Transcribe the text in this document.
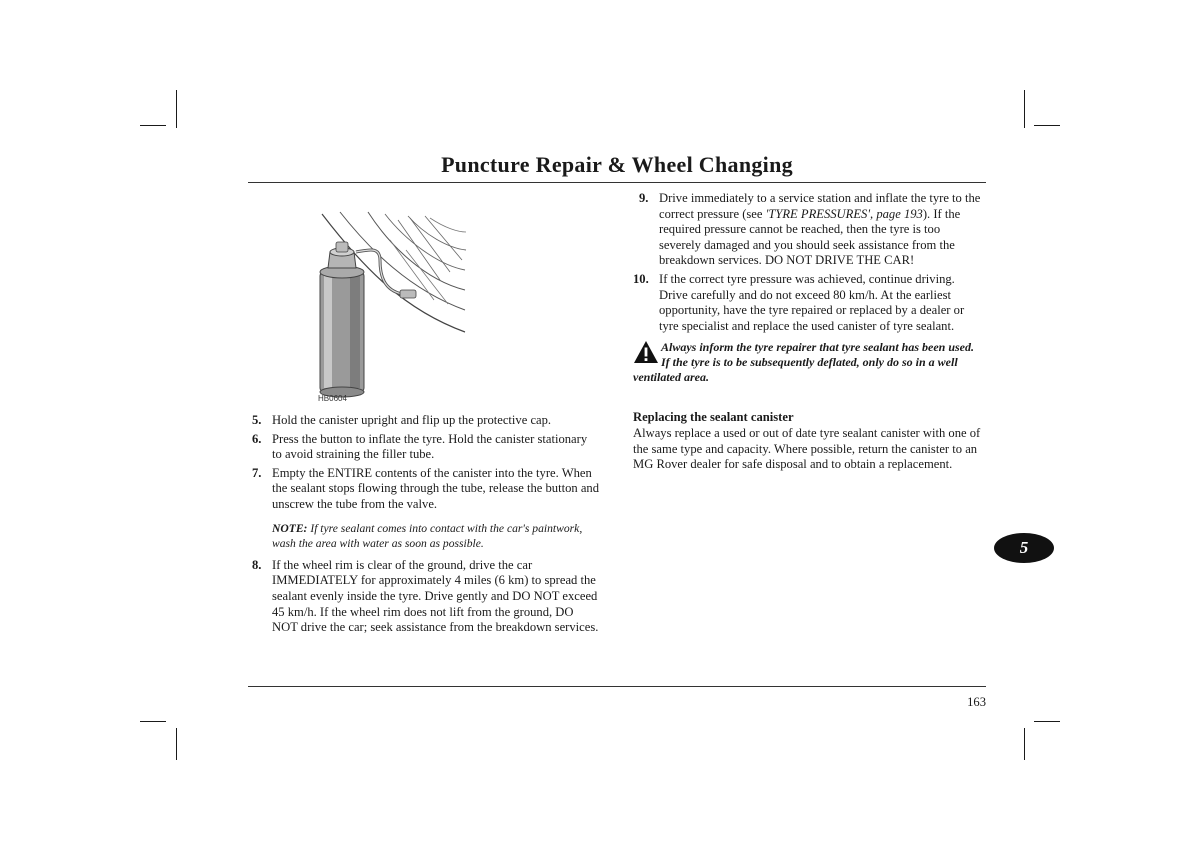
Puncture Repair & Wheel Changing
HB0604
5. Hold the canister upright and flip up the protective cap.
6. Press the button to inflate the tyre. Hold the canister stationary to avoid straining the filler tube.
7. Empty the ENTIRE contents of the canister into the tyre. When the sealant stops flowing through the tube, release the button and unscrew the tube from the valve.
NOTE: If tyre sealant comes into contact with the car's paintwork, wash the area with water as soon as possible.
8. If the wheel rim is clear of the ground, drive the car IMMEDIATELY for approximately 4 miles (6 km) to spread the sealant evenly inside the tyre. Drive gently and DO NOT exceed 45 km/h. If the wheel rim does not lift from the ground, DO NOT drive the car; seek assistance from the breakdown services.
9. Drive immediately to a service station and inflate the tyre to the correct pressure (see 'TYRE PRESSURES', page 193). If the required pressure cannot be reached, then the tyre is too severely damaged and you should seek assistance from the breakdown services. DO NOT DRIVE THE CAR!
10. If the correct tyre pressure was achieved, continue driving. Drive carefully and do not exceed 80 km/h. At the earliest opportunity, have the tyre repaired or replaced by a dealer or tyre specialist and replace the used canister of tyre sealant.
Always inform the tyre repairer that tyre sealant has been used. If the tyre is to be subsequently deflated, only do so in a well ventilated area.
Replacing the sealant canister
Always replace a used or out of date tyre sealant canister with one of the same type and capacity. Where possible, return the canister to an MG Rover dealer for safe disposal and to obtain a replacement.
5
163
